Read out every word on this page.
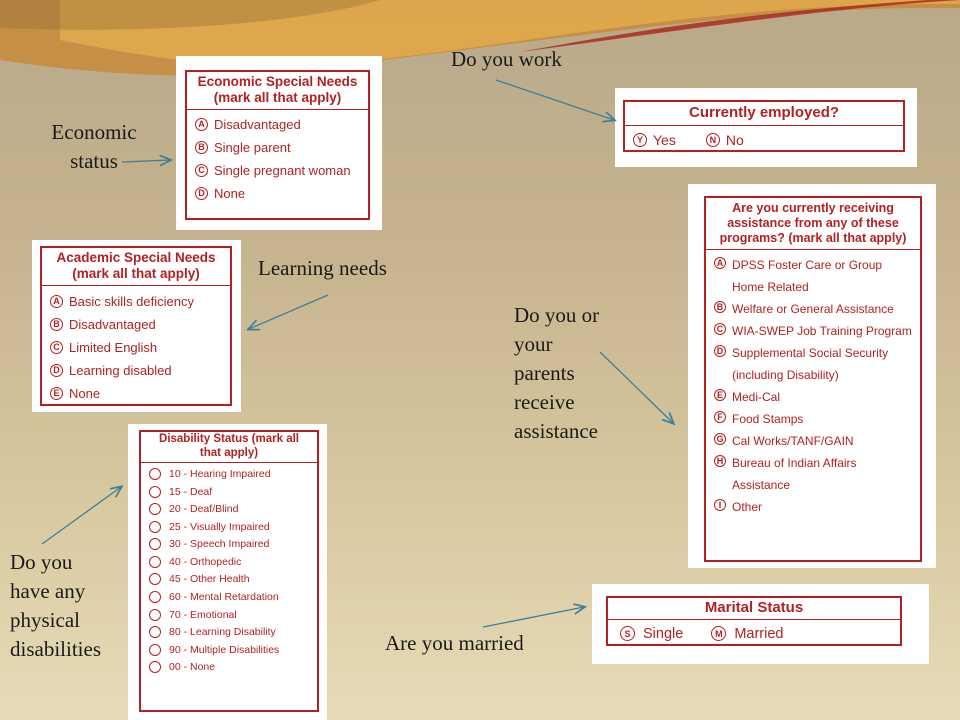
Economic
status
Do you work
Learning needs
Do you or
your
parents
receive
assistance
Do you
have any
physical
disabilities	Are you married
Economic Special Needs (mark all that apply)
A Disadvantaged
B Single parent
C Single pregnant woman
D None
Currently employed?
Y Yes	N No
Academic Special Needs (mark all that apply)
A Basic skills deficiency
B Disadvantaged
C Limited English
D Learning disabled
E None
Are you currently receiving assistance from any of these programs? (mark all that apply)
A DPSS Foster Care or Group Home Related
B Welfare or General Assistance
C WIA-SWEP Job Training Program
D Supplemental Social Security (including Disability)
E Medi-Cal
F Food Stamps
G Cal Works/TANF/GAIN
H Bureau of Indian Affairs Assistance
I Other
Disability Status (mark all that apply)
10 - Hearing Impaired
15 - Deaf
20 - Deaf/Blind
25 - Visually Impaired
30 - Speech Impaired
40 - Orthopedic
45 - Other Health
60 - Mental Retardation
70 - Emotional
80 - Learning Disability
90 - Multiple Disabilities
00 - None
Marital Status
S Single	M Married
